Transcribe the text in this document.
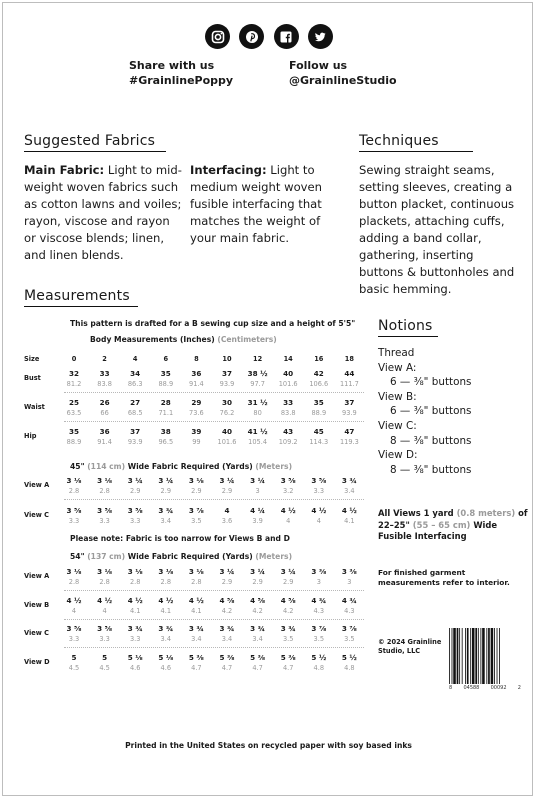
Share with us
#GrainlinePoppy
Follow us
@GrainlineStudio
Suggested Fabrics
Main Fabric: Light to mid-weight woven fabrics such as cotton lawns and voiles; rayon, viscose and rayon or viscose blends; linen, and linen blends.
Interfacing: Light to medium weight woven fusible interfacing that matches the weight of your main fabric.
Techniques
Sewing straight seams, setting sleeves, creating a button placket, continuous plackets, attaching cuffs, adding a band collar, gathering, inserting buttons & buttonholes and basic hemming.
Measurements
This pattern is drafted for a B sewing cup size and a height of 5'5"
Body Measurements (Inches) (Centimeters)
45" (114 cm) Wide Fabric Required (Yards) (Meters)
Please note: Fabric is too narrow for Views B and D
54" (137 cm) Wide Fabric Required (Yards) (Meters)
Size	0	2	4	6	8	10	12	14	16	18
Bust	32	33	34	35	36	37	38 ½	40	42	44
81.2	83.8	86.3	88.9	91.4	93.9	97.7	101.6	106.6	111.7
Waist	25	26	27	28	29	30	31 ½	33	35	37
63.5	66	68.5	71.1	73.6	76.2	80	83.8	88.9	93.9
Hip	35	36	37	38	39	40	41 ½	43	45	47
88.9	91.4	93.9	96.5	99	101.6	105.4	109.2	114.3	119.3
View A	3 ⅛	3 ⅛	3 ¼	3 ¼	3 ⅛	3 ¼	3 ¼	3 ⅝	3 ⅝	3 ¾
2.8	2.8	2.9	2.9	2.9	2.9	3	3.2	3.3	3.4
View C	3 ⅝	3 ⅝	3 ⅝	3 ¾	3 ⅞	4	4 ¼	4 ½	4 ½	4 ½
3.3	3.3	3.3	3.4	3.5	3.6	3.9	4	4	4.1
View A	3 ⅛	3 ⅛	3 ⅛	3 ⅛	3 ⅛	3 ¼	3 ¼	3 ¼	3 ⅜	3 ⅜
2.8	2.8	2.8	2.8	2.8	2.9	2.9	2.9	3	3
View B	4 ½	4 ½	4 ½	4 ½	4 ½	4 ⅝	4 ⅝	4 ⅝	4 ¾	4 ¾
4	4	4.1	4.1	4.1	4.2	4.2	4.2	4.3	4.3
View C	3 ⅝	3 ⅝	3 ¾	3 ¾	3 ¾	3 ¾	3 ¾	3 ¾	3 ⅞	3 ⅞
3.3	3.3	3.3	3.4	3.4	3.4	3.4	3.5	3.5	3.5
View D	5	5	5 ⅛	5 ⅛	5 ⅜	5 ⅜	5 ⅜	5 ⅜	5 ½	5 ½
4.5	4.5	4.6	4.6	4.7	4.7	4.7	4.7	4.8	4.8
Notions
Thread
View A:
6 — ⅜" buttons
View B:
6 — ⅜" buttons
View C:
8 — ⅜" buttons
View D:
8 — ⅜" buttons
All Views 1 yard (0.8 meters) of 22–25" (55 – 65 cm) Wide Fusible Interfacing
For finished garment measurements refer to interior.
© 2024 Grainline Studio, LLC
8 04588 00092 2
Printed in the United States on recycled paper with soy based inks
